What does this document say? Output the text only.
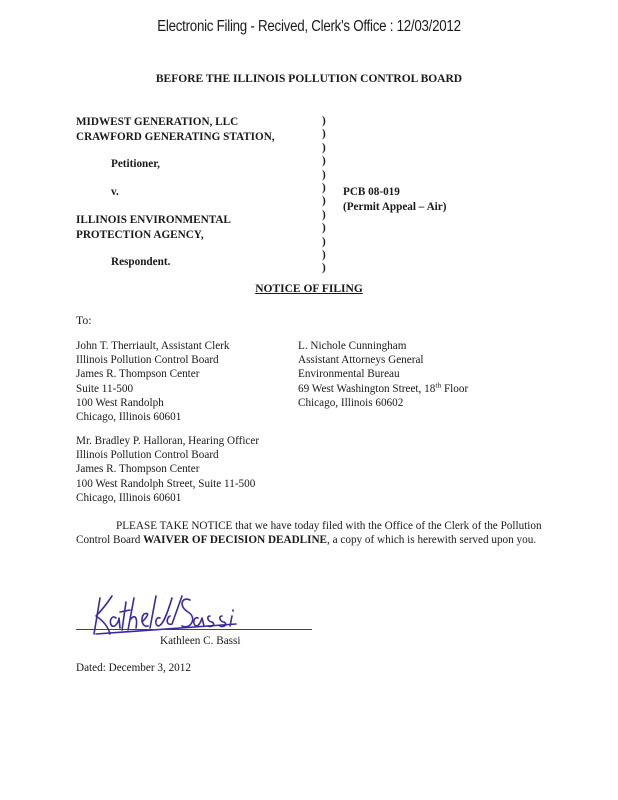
Electronic Filing - Recived, Clerk's Office : 12/03/2012
BEFORE THE ILLINOIS POLLUTION CONTROL BOARD
MIDWEST GENERATION, LLC
CRAWFORD GENERATING STATION,
Petitioner,
v.
ILLINOIS ENVIRONMENTAL
PROTECTION AGENCY,
Respondent.
)
)
)
)
)
)
)
)
)
)
)
)
PCB 08-019
(Permit Appeal – Air)
NOTICE OF FILING
To:
John T. Therriault, Assistant Clerk
Illinois Pollution Control Board
James R. Thompson Center
Suite 11-500
100 West Randolph
Chicago, Illinois 60601
L. Nichole Cunningham
Assistant Attorneys General
Environmental Bureau
69 West Washington Street, 18th Floor
Chicago, Illinois 60602
Mr. Bradley P. Halloran, Hearing Officer
Illinois Pollution Control Board
James R. Thompson Center
100 West Randolph Street, Suite 11-500
Chicago, Illinois 60601
PLEASE TAKE NOTICE that we have today filed with the Office of the Clerk of the Pollution Control Board WAIVER OF DECISION DEADLINE, a copy of which is herewith served upon you.
Kathleen C. Bassi
Dated: December 3, 2012
